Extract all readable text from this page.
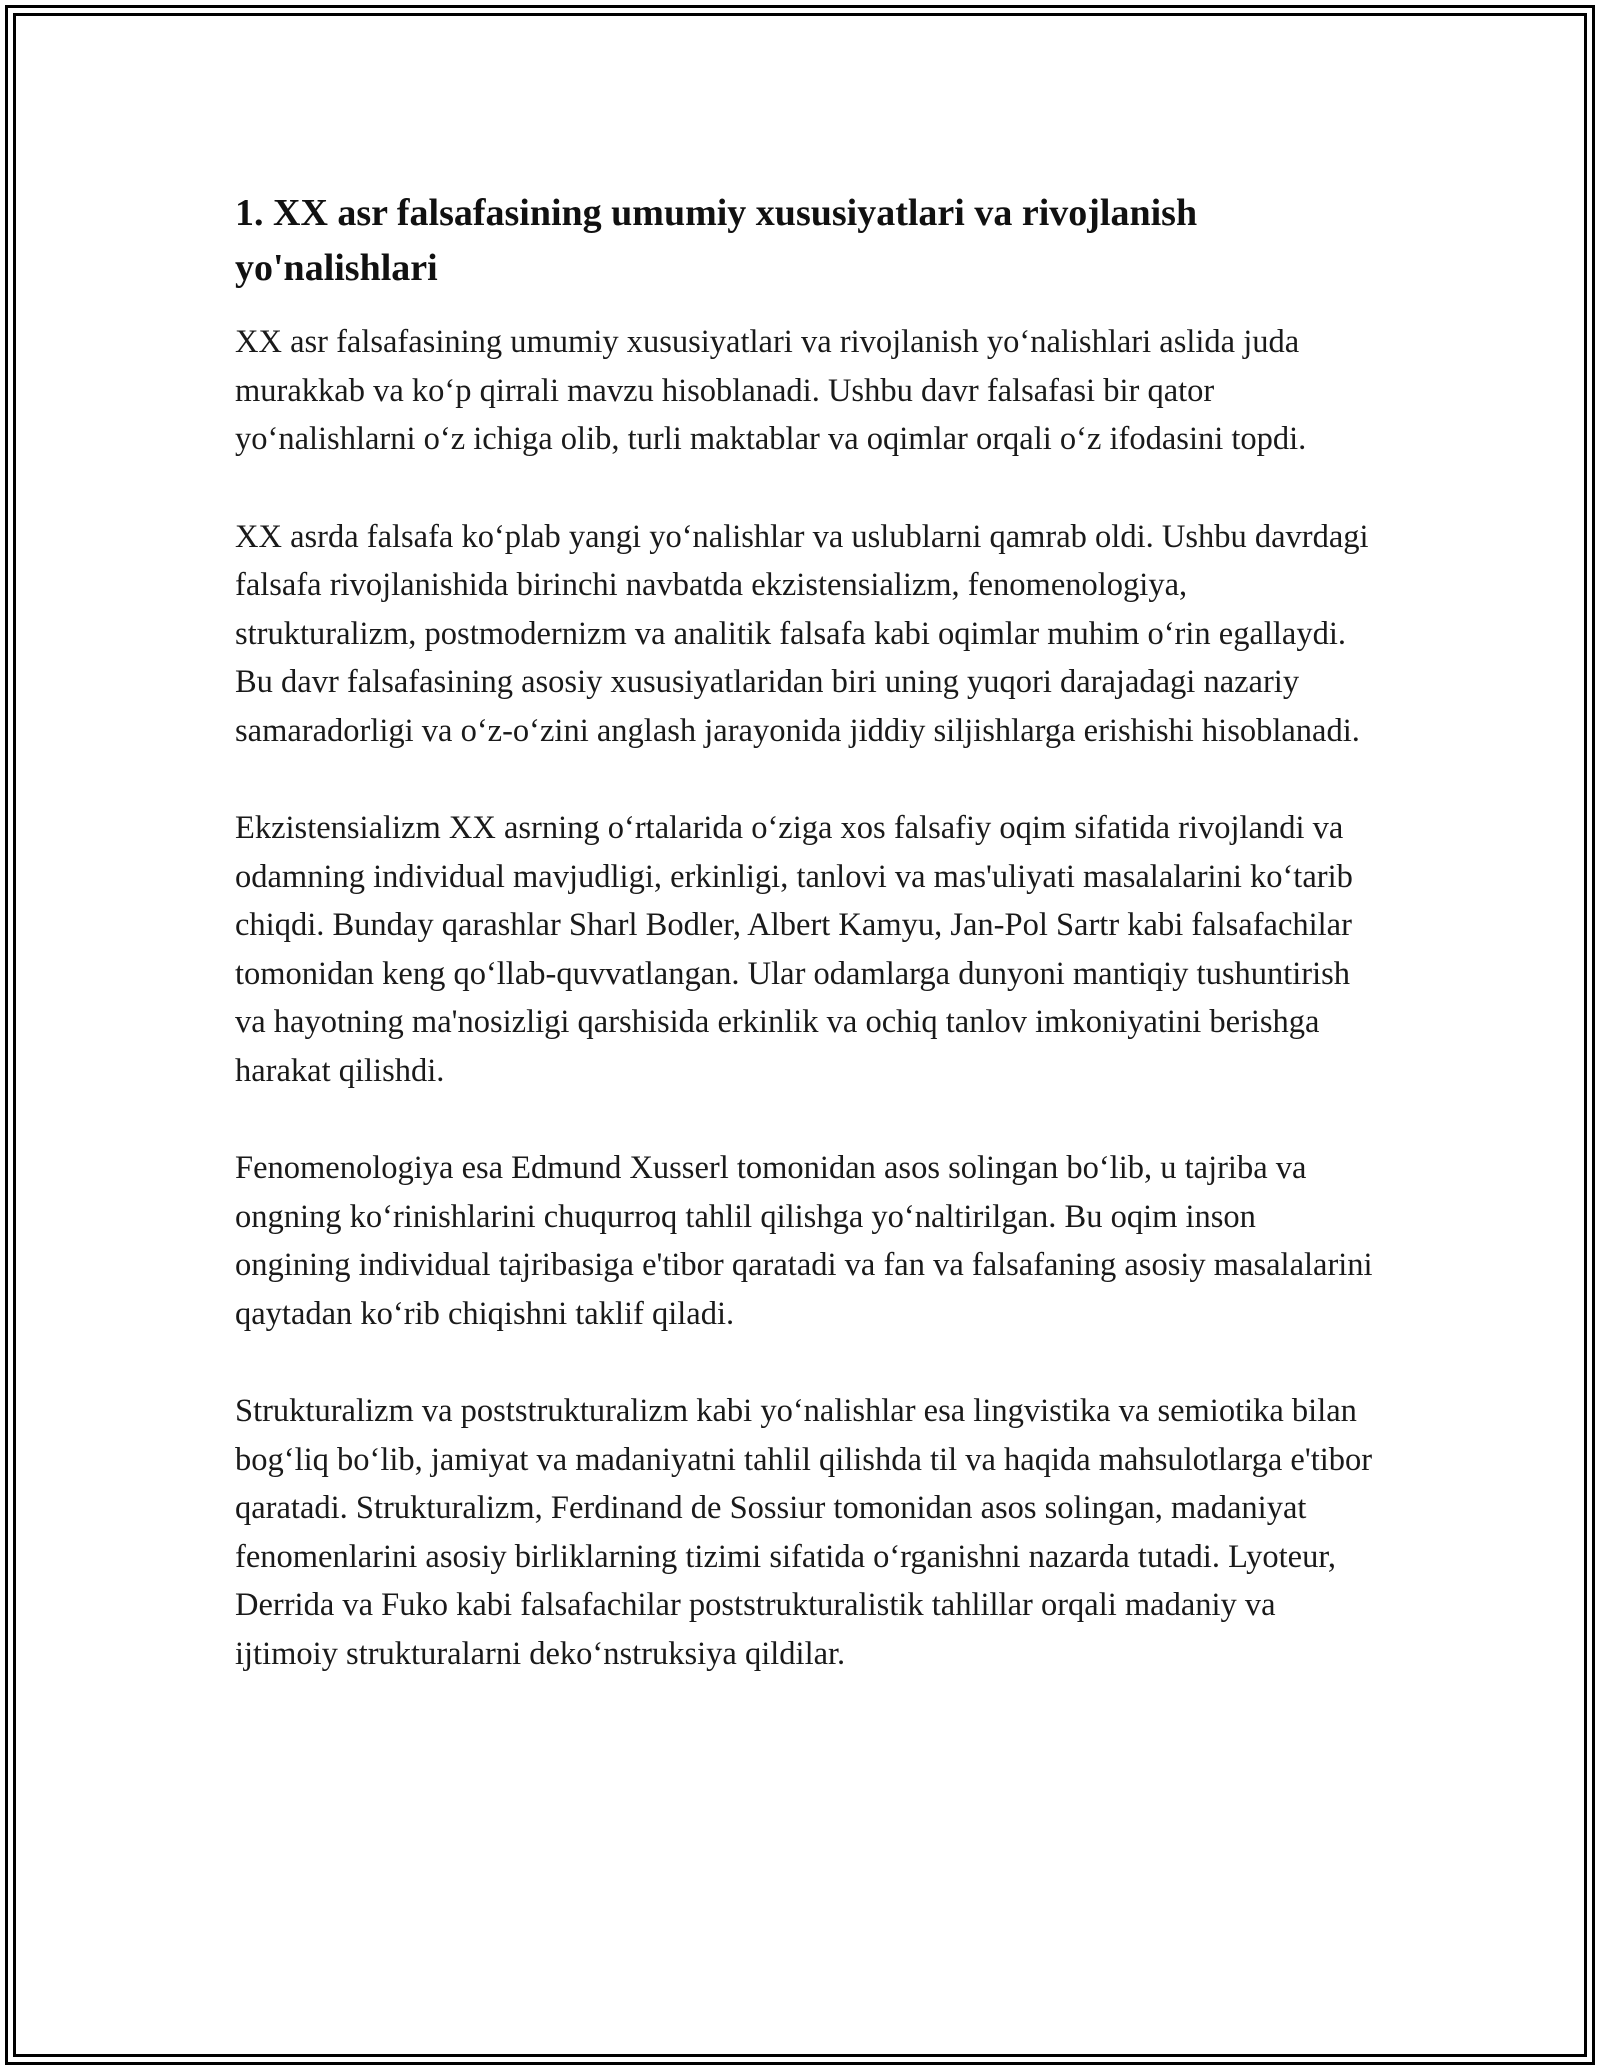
1. XX asr falsafasining umumiy xususiyatlari va rivojlanish yo'nalishlari

XX asr falsafasining umumiy xususiyatlari va rivojlanish yo‘nalishlari aslida juda murakkab va ko‘p qirrali mavzu hisoblanadi. Ushbu davr falsafasi bir qator yo‘nalishlarni o‘z ichiga olib, turli maktablar va oqimlar orqali o‘z ifodasini topdi.

XX asrda falsafa ko‘plab yangi yo‘nalishlar va uslublarni qamrab oldi. Ushbu davrdagi falsafa rivojlanishida birinchi navbatda ekzistensializm, fenomenologiya, strukturalizm, postmodernizm va analitik falsafa kabi oqimlar muhim o‘rin egallaydi. Bu davr falsafasining asosiy xususiyatlaridan biri uning yuqori darajadagi nazariy samaradorligi va o‘z-o‘zini anglash jarayonida jiddiy siljishlarga erishishi hisoblanadi.

Ekzistensializm XX asrning o‘rtalarida o‘ziga xos falsafiy oqim sifatida rivojlandi va odamning individual mavjudligi, erkinligi, tanlovi va mas'uliyati masalalarini ko‘tarib chiqdi. Bunday qarashlar Sharl Bodler, Albert Kamyu, Jan-Pol Sartr kabi falsafachilar tomonidan keng qo‘llab-quvvatlangan. Ular odamlarga dunyoni mantiqiy tushuntirish va hayotning ma'nosizligi qarshisida erkinlik va ochiq tanlov imkoniyatini berishga harakat qilishdi.

Fenomenologiya esa Edmund Xusserl tomonidan asos solingan bo‘lib, u tajriba va ongning ko‘rinishlarini chuqurroq tahlil qilishga yo‘naltirilgan. Bu oqim inson ongining individual tajribasiga e'tibor qaratadi va fan va falsafaning asosiy masalalarini qaytadan ko‘rib chiqishni taklif qiladi.

Strukturalizm va poststrukturalizm kabi yo‘nalishlar esa lingvistika va semiotika bilan bog‘liq bo‘lib, jamiyat va madaniyatni tahlil qilishda til va haqida mahsulotlarga e'tibor qaratadi. Strukturalizm, Ferdinand de Sossiur tomonidan asos solingan, madaniyat fenomenlarini asosiy birliklarning tizimi sifatida o‘rganishni nazarda tutadi. Lyoteur, Derrida va Fuko kabi falsafachilar poststrukturalistik tahlillar orqali madaniy va ijtimoiy strukturalarni deko‘nstruksiya qildilar.
